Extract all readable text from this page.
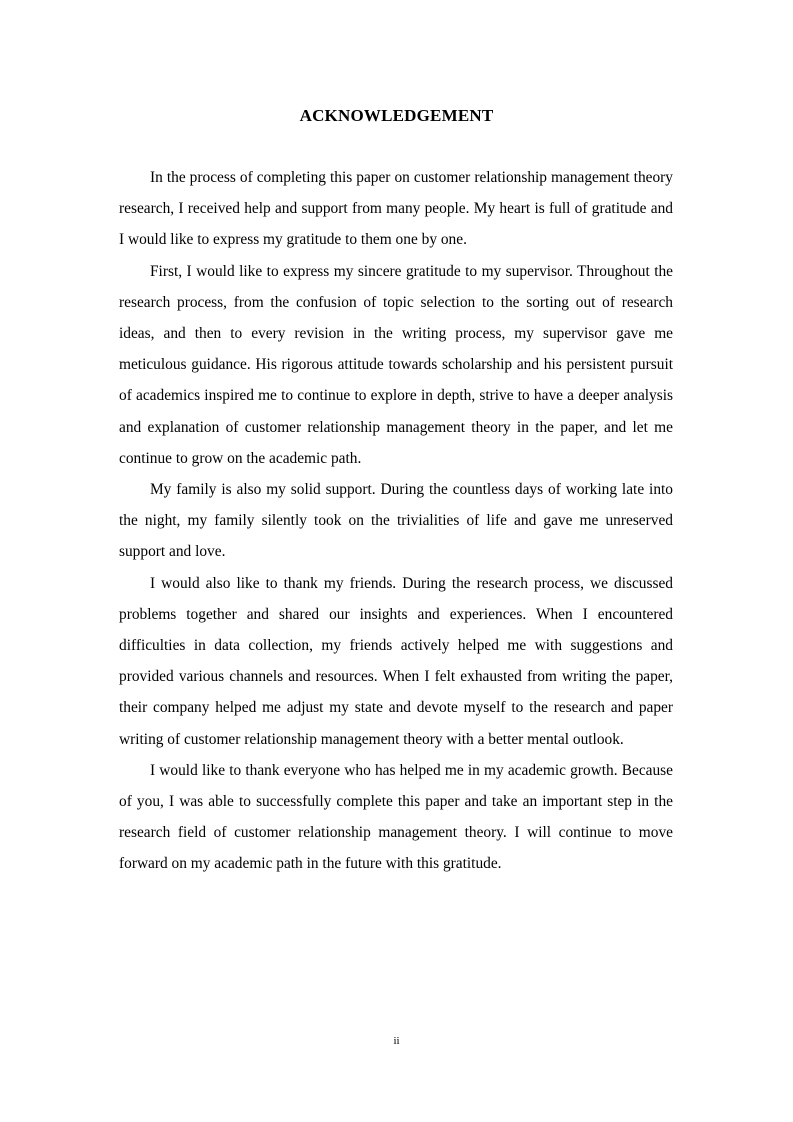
ACKNOWLEDGEMENT

In the process of completing this paper on customer relationship management theory research, I received help and support from many people. My heart is full of gratitude and I would like to express my gratitude to them one by one.

First, I would like to express my sincere gratitude to my supervisor. Throughout the research process, from the confusion of topic selection to the sorting out of research ideas, and then to every revision in the writing process, my supervisor gave me meticulous guidance. His rigorous attitude towards scholarship and his persistent pursuit of academics inspired me to continue to explore in depth, strive to have a deeper analysis and explanation of customer relationship management theory in the paper, and let me continue to grow on the academic path.

My family is also my solid support. During the countless days of working late into the night, my family silently took on the trivialities of life and gave me unreserved support and love.

I would also like to thank my friends. During the research process, we discussed problems together and shared our insights and experiences. When I encountered difficulties in data collection, my friends actively helped me with suggestions and provided various channels and resources. When I felt exhausted from writing the paper, their company helped me adjust my state and devote myself to the research and paper writing of customer relationship management theory with a better mental outlook.

I would like to thank everyone who has helped me in my academic growth. Because of you, I was able to successfully complete this paper and take an important step in the research field of customer relationship management theory. I will continue to move forward on my academic path in the future with this gratitude.

ii
